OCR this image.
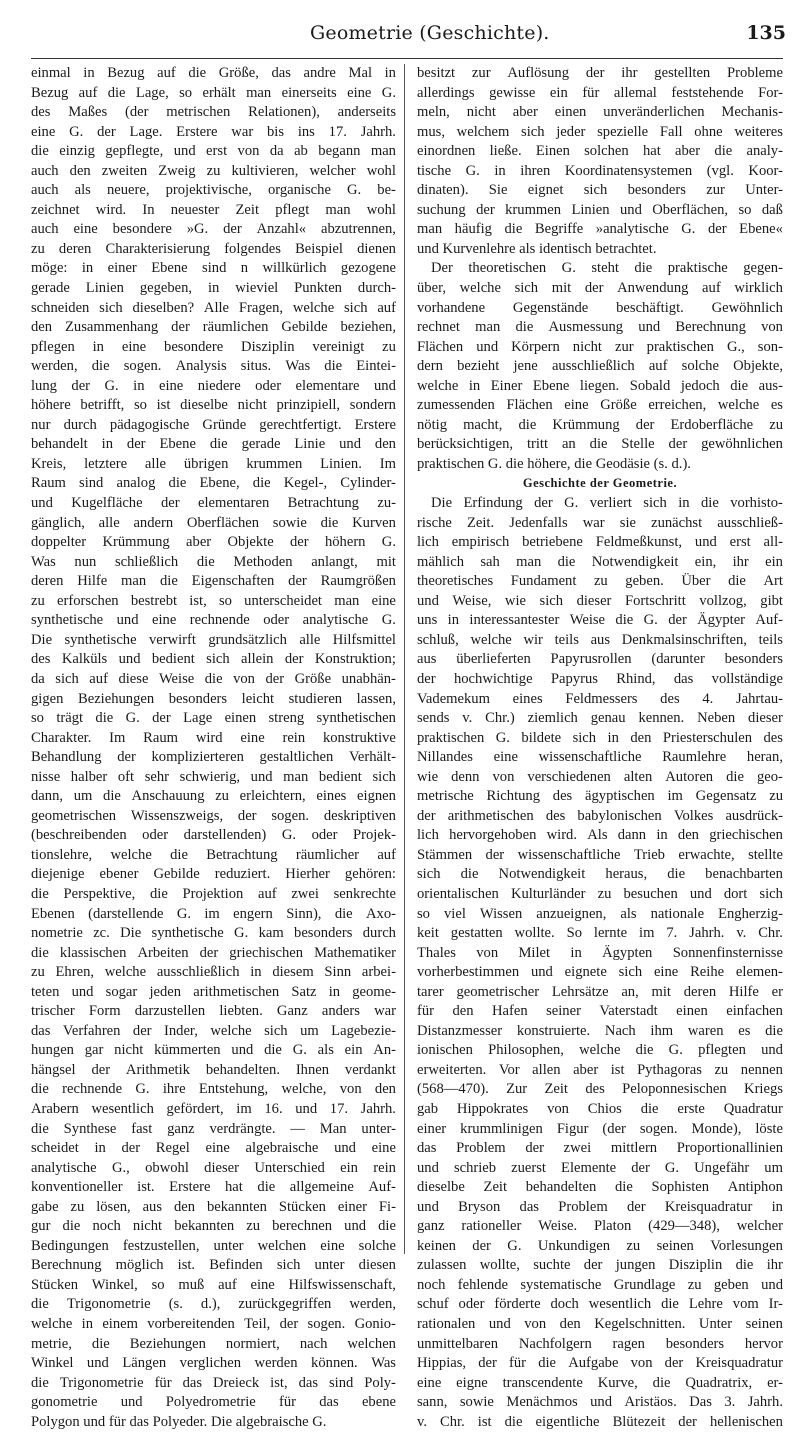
Geometrie (Geschichte).	135
einmal in Bezug auf die Größe, das andre Mal in
Bezug auf die Lage, so erhält man einerseits eine G.
des Maßes (der metrischen Relationen), anderseits
eine G. der Lage. Erstere war bis ins 17. Jahrh.
die einzig gepflegte, und erst von da ab begann man
auch den zweiten Zweig zu kultivieren, welcher wohl
auch als neuere, projektivische, organische G. be-
zeichnet wird. In neuester Zeit pflegt man wohl
auch eine besondere »G. der Anzahl« abzutrennen,
zu deren Charakterisierung folgendes Beispiel dienen
möge: in einer Ebene sind n willkürlich gezogene
gerade Linien gegeben, in wieviel Punkten durch-
schneiden sich dieselben? Alle Fragen, welche sich auf
den Zusammenhang der räumlichen Gebilde beziehen,
pflegen in eine besondere Disziplin vereinigt zu
werden, die sogen. Analysis situs. Was die Eintei-
lung der G. in eine niedere oder elementare und
höhere betrifft, so ist dieselbe nicht prinzipiell, sondern
nur durch pädagogische Gründe gerechtfertigt. Erstere
behandelt in der Ebene die gerade Linie und den
Kreis, letztere alle übrigen krummen Linien. Im
Raum sind analog die Ebene, die Kegel-, Cylinder-
und Kugelfläche der elementaren Betrachtung zu-
gänglich, alle andern Oberflächen sowie die Kurven
doppelter Krümmung aber Objekte der höhern G.
Was nun schließlich die Methoden anlangt, mit
deren Hilfe man die Eigenschaften der Raumgrößen
zu erforschen bestrebt ist, so unterscheidet man eine
synthetische und eine rechnende oder analytische G.
Die synthetische verwirft grundsätzlich alle Hilfsmittel
des Kalküls und bedient sich allein der Konstruktion;
da sich auf diese Weise die von der Größe unabhän-
gigen Beziehungen besonders leicht studieren lassen,
so trägt die G. der Lage einen streng synthetischen
Charakter. Im Raum wird eine rein konstruktive
Behandlung der komplizierteren gestaltlichen Verhält-
nisse halber oft sehr schwierig, und man bedient sich
dann, um die Anschauung zu erleichtern, eines eignen
geometrischen Wissenszweigs, der sogen. deskriptiven
(beschreibenden oder darstellenden) G. oder Projek-
tionslehre, welche die Betrachtung räumlicher auf
diejenige ebener Gebilde reduziert. Hierher gehören:
die Perspektive, die Projektion auf zwei senkrechte
Ebenen (darstellende G. im engern Sinn), die Axo-
nometrie zc. Die synthetische G. kam besonders durch
die klassischen Arbeiten der griechischen Mathematiker
zu Ehren, welche ausschließlich in diesem Sinn arbei-
teten und sogar jeden arithmetischen Satz in geome-
trischer Form darzustellen liebten. Ganz anders war
das Verfahren der Inder, welche sich um Lagebezie-
hungen gar nicht kümmerten und die G. als ein An-
hängsel der Arithmetik behandelten. Ihnen verdankt
die rechnende G. ihre Entstehung, welche, von den
Arabern wesentlich gefördert, im 16. und 17. Jahrh.
die Synthese fast ganz verdrängte. — Man unter-
scheidet in der Regel eine algebraische und eine
analytische G., obwohl dieser Unterschied ein rein
konventioneller ist. Erstere hat die allgemeine Auf-
gabe zu lösen, aus den bekannten Stücken einer Fi-
gur die noch nicht bekannten zu berechnen und die
Bedingungen festzustellen, unter welchen eine solche
Berechnung möglich ist. Befinden sich unter diesen
Stücken Winkel, so muß auf eine Hilfswissenschaft,
die Trigonometrie (s. d.), zurückgegriffen werden,
welche in einem vorbereitenden Teil, der sogen. Gonio-
metrie, die Beziehungen normiert, nach welchen
Winkel und Längen verglichen werden können. Was
die Trigonometrie für das Dreieck ist, das sind Poly-
gonometrie und Polyedrometrie für das ebene
Polygon und für das Polyeder. Die algebraische G.
besitzt zur Auflösung der ihr gestellten Probleme
allerdings gewisse ein für allemal feststehende For-
meln, nicht aber einen unveränderlichen Mechanis-
mus, welchem sich jeder spezielle Fall ohne weiteres
einordnen ließe. Einen solchen hat aber die analy-
tische G. in ihren Koordinatensystemen (vgl. Koor-
dinaten). Sie eignet sich besonders zur Unter-
suchung der krummen Linien und Oberflächen, so daß
man häufig die Begriffe »analytische G. der Ebene«
und Kurvenlehre als identisch betrachtet.
Der theoretischen G. steht die praktische gegen-
über, welche sich mit der Anwendung auf wirklich
vorhandene Gegenstände beschäftigt. Gewöhnlich
rechnet man die Ausmessung und Berechnung von
Flächen und Körpern nicht zur praktischen G., son-
dern bezieht jene ausschließlich auf solche Objekte,
welche in Einer Ebene liegen. Sobald jedoch die aus-
zumessenden Flächen eine Größe erreichen, welche es
nötig macht, die Krümmung der Erdoberfläche zu
berücksichtigen, tritt an die Stelle der gewöhnlichen
praktischen G. die höhere, die Geodäsie (s. d.).
Geschichte der Geometrie.
Die Erfindung der G. verliert sich in die vorhisto-
rische Zeit. Jedenfalls war sie zunächst ausschließ-
lich empirisch betriebene Feldmeßkunst, und erst all-
mählich sah man die Notwendigkeit ein, ihr ein
theoretisches Fundament zu geben. Über die Art
und Weise, wie sich dieser Fortschritt vollzog, gibt
uns in interessantester Weise die G. der Ägypter Auf-
schluß, welche wir teils aus Denkmalsinschriften, teils
aus überlieferten Papyrusrollen (darunter besonders
der hochwichtige Papyrus Rhind, das vollständige
Vademekum eines Feldmessers des 4. Jahrtau-
sends v. Chr.) ziemlich genau kennen. Neben dieser
praktischen G. bildete sich in den Priesterschulen des
Nillandes eine wissenschaftliche Raumlehre heran,
wie denn von verschiedenen alten Autoren die geo-
metrische Richtung des ägyptischen im Gegensatz zu
der arithmetischen des babylonischen Volkes ausdrück-
lich hervorgehoben wird. Als dann in den griechischen
Stämmen der wissenschaftliche Trieb erwachte, stellte
sich die Notwendigkeit heraus, die benachbarten
orientalischen Kulturländer zu besuchen und dort sich
so viel Wissen anzueignen, als nationale Engherzig-
keit gestatten wollte. So lernte im 7. Jahrh. v. Chr.
Thales von Milet in Ägypten Sonnenfinsternisse
vorherbestimmen und eignete sich eine Reihe elemen-
tarer geometrischer Lehrsätze an, mit deren Hilfe er
für den Hafen seiner Vaterstadt einen einfachen
Distanzmesser konstruierte. Nach ihm waren es die
ionischen Philosophen, welche die G. pflegten und
erweiterten. Vor allen aber ist Pythagoras zu nennen
(568—470). Zur Zeit des Peloponnesischen Kriegs
gab Hippokrates von Chios die erste Quadratur
einer krummlinigen Figur (der sogen. Monde), löste
das Problem der zwei mittlern Proportionallinien
und schrieb zuerst Elemente der G. Ungefähr um
dieselbe Zeit behandelten die Sophisten Antiphon
und Bryson das Problem der Kreisquadratur in
ganz rationeller Weise. Platon (429—348), welcher
keinen der G. Unkundigen zu seinen Vorlesungen
zulassen wollte, suchte der jungen Disziplin die ihr
noch fehlende systematische Grundlage zu geben und
schuf oder förderte doch wesentlich die Lehre vom Ir-
rationalen und von den Kegelschnitten. Unter seinen
unmittelbaren Nachfolgern ragen besonders hervor
Hippias, der für die Aufgabe von der Kreisquadratur
eine eigne transcendente Kurve, die Quadratrix, er-
sann, sowie Menächmos und Aristäos. Das 3. Jahrh.
v. Chr. ist die eigentliche Blütezeit der hellenischen
